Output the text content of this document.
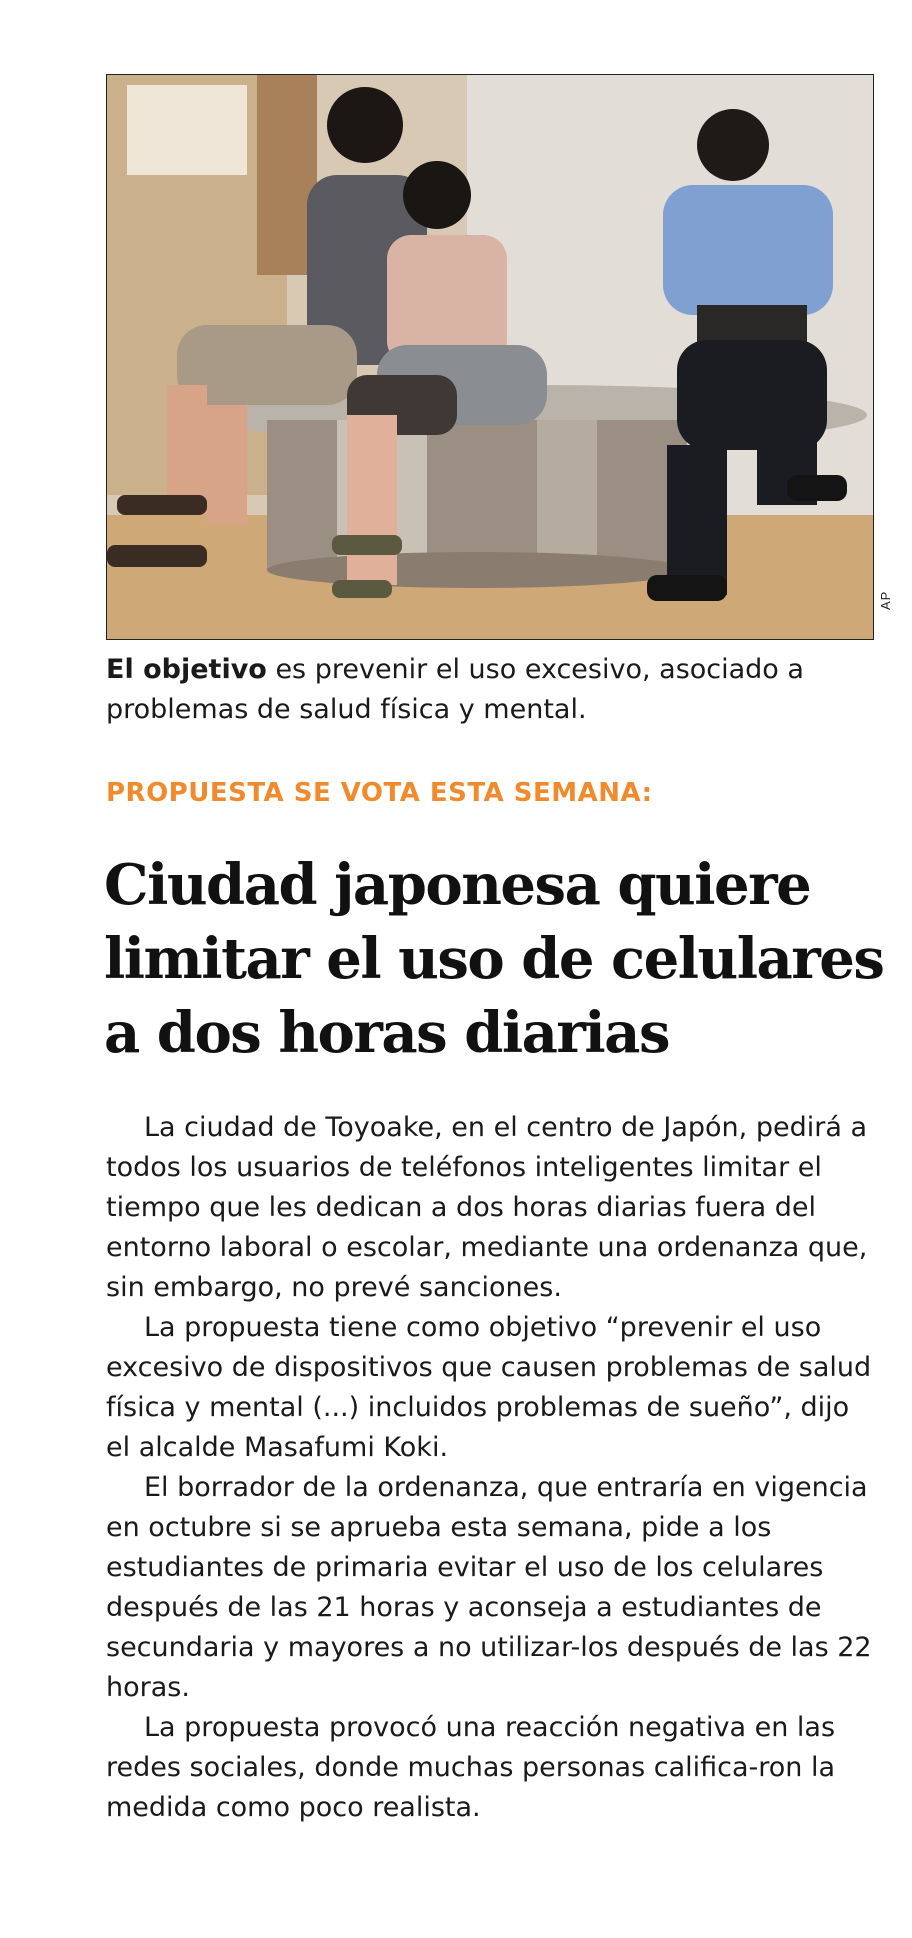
AP
El objetivo es prevenir el uso excesivo, asociado a problemas de salud física y mental.
PROPUESTA SE VOTA ESTA SEMANA:
Ciudad japonesa quiere limitar el uso de celulares a dos horas diarias

La ciudad de Toyoake, en el centro de Japón, pedirá a todos los usuarios de teléfonos inteligentes limitar el tiempo que les dedican a dos horas diarias fuera del entorno laboral o escolar, mediante una ordenanza que, sin embargo, no prevé sanciones.

La propuesta tiene como objetivo “prevenir el uso excesivo de dispositivos que causen problemas de salud física y mental (...) incluidos problemas de sueño”, dijo el alcalde Masafumi Koki.

El borrador de la ordenanza, que entraría en vigencia en octubre si se aprueba esta semana, pide a los estudiantes de primaria evitar el uso de los celulares después de las 21 horas y aconseja a estudiantes de secundaria y mayores a no utilizar-los después de las 22 horas.

La propuesta provocó una reacción negativa en las redes sociales, donde muchas personas califica-ron la medida como poco realista.
